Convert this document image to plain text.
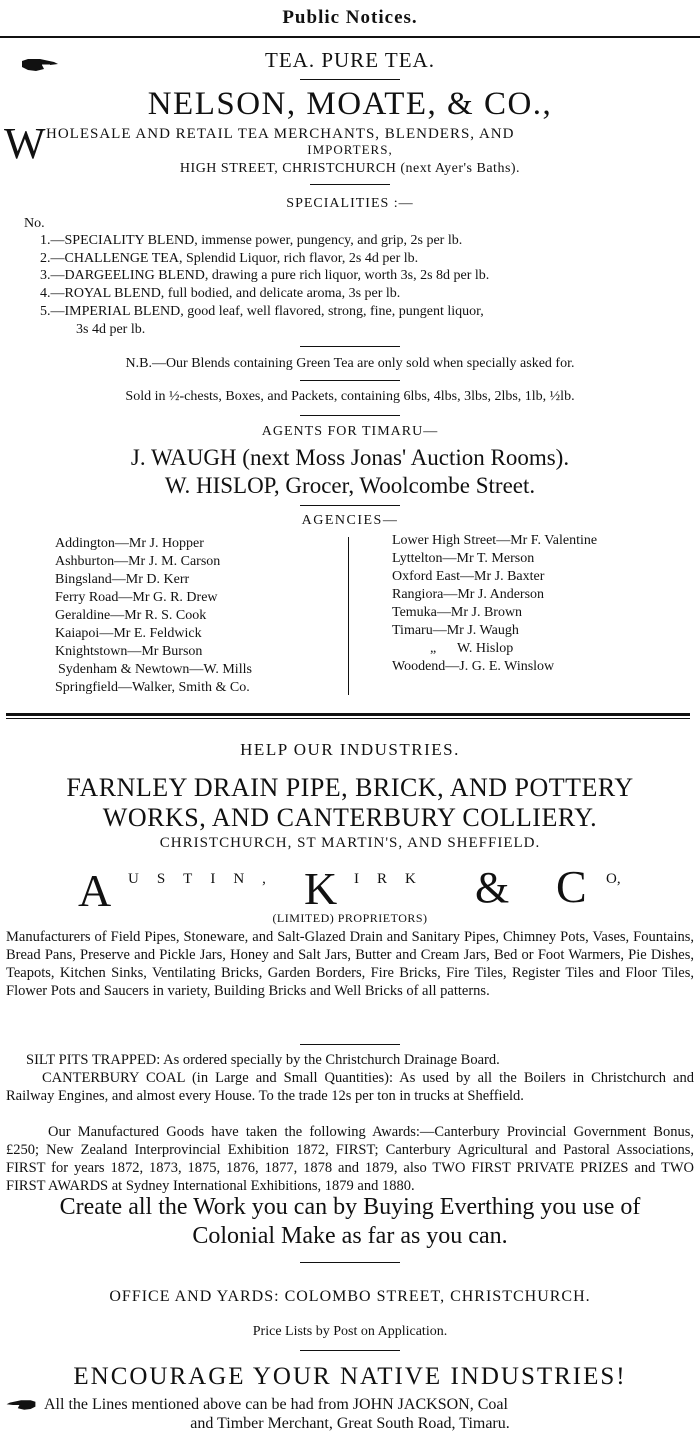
Public Notices.
TEA. PURE TEA.
NELSON, MOATE, & CO.,
W HOLESALE AND RETAIL TEA MERCHANTS, BLENDERS, AND
IMPORTERS,
HIGH STREET, CHRISTCHURCH (next Ayer's Baths).
SPECIALITIES :—
No.
1.—SPECIALITY BLEND, immense power, pungency, and grip, 2s per lb.
2.—CHALLENGE TEA, Splendid Liquor, rich flavor, 2s 4d per lb.
3.—DARGEELING BLEND, drawing a pure rich liquor, worth 3s, 2s 8d per lb.
4.—ROYAL BLEND, full bodied, and delicate aroma, 3s per lb.
5.—IMPERIAL BLEND, good leaf, well flavored, strong, fine, pungent liquor,
3s 4d per lb.
N.B.—Our Blends containing Green Tea are only sold when specially asked for.
Sold in ½-chests, Boxes, and Packets, containing 6lbs, 4lbs, 3lbs, 2lbs, 1lb, ½lb.
AGENTS FOR TIMARU—
J. WAUGH (next Moss Jonas' Auction Rooms).
W. HISLOP, Grocer, Woolcombe Street.
AGENCIES—
Addington—Mr J. Hopper
Ashburton—Mr J. M. Carson
Bingsland—Mr D. Kerr
Ferry Road—Mr G. R. Drew
Geraldine—Mr R. S. Cook
Kaiapoi—Mr E. Feldwick
Knightstown—Mr Burson
Sydenham & Newtown—W. Mills
Springfield—Walker, Smith & Co.
Lower High Street—Mr F. Valentine
Lyttelton—Mr T. Merson
Oxford East—Mr J. Baxter
Rangiora—Mr J. Anderson
Temuka—Mr J. Brown
Timaru—Mr J. Waugh
„      W. Hislop
Woodend—J. G. E. Winslow
HELP OUR INDUSTRIES.
FARNLEY DRAIN PIPE, BRICK, AND POTTERY
WORKS, AND CANTERBURY COLLIERY.
CHRISTCHURCH, ST MARTIN'S, AND SHEFFIELD.
A USTIN, K IRK & C O,
(LIMITED) PROPRIETORS)
Manufacturers of Field Pipes, Stoneware, and Salt-Glazed Drain and Sanitary Pipes, Chimney Pots, Vases, Fountains, Bread Pans, Preserve and Pickle Jars, Honey and Salt Jars, Butter and Cream Jars, Bed or Foot Warmers, Pie Dishes, Teapots, Kitchen Sinks, Ventilating Bricks, Garden Borders, Fire Bricks, Fire Tiles, Register Tiles and Floor Tiles, Flower Pots and Saucers in variety, Building Bricks and Well Bricks of all patterns.
SILT PITS TRAPPED: As ordered specially by the Christchurch Drainage Board.
CANTERBURY COAL (in Large and Small Quantities): As used by all the Boilers in Christchurch and Railway Engines, and almost every House. To the trade 12s per ton in trucks at Sheffield.
Our Manufactured Goods have taken the following Awards:—Canterbury Provincial Government Bonus, £250; New Zealand Interprovincial Exhibition 1872, FIRST; Canterbury Agricultural and Pastoral Associations, FIRST for years 1872, 1873, 1875, 1876, 1877, 1878 and 1879, also TWO FIRST PRIVATE PRIZES and TWO FIRST AWARDS at Sydney International Exhibitions, 1879 and 1880.
Create all the Work you can by Buying Everthing you use of
Colonial Make as far as you can.
OFFICE AND YARDS: COLOMBO STREET, CHRISTCHURCH.
Price Lists by Post on Application.
ENCOURAGE YOUR NATIVE INDUSTRIES!
All the Lines mentioned above can be had from JOHN JACKSON, Coal
and Timber Merchant, Great South Road, Timaru.
